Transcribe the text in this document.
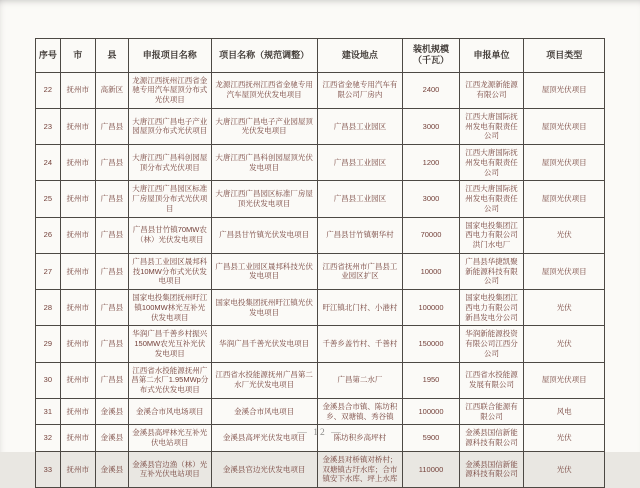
序号	市	县	申报项目名称	项目名称（规范调整）	建设地点	装机规模（千瓦）	申报单位	项目类型
22	抚州市	高新区	龙源江西抚州江西省金驰专用汽车屋顶分布式光伏项目	龙源江西抚州江西省金驰专用汽车屋顶光伏发电项目	江西省金驰专用汽车有限公司厂房内	2400	江西龙源新能源有限公司	屋顶光伏项目
23	抚州市	广昌县	大唐江西广昌电子产业园屋顶分布式光伏项目	大唐江西广昌电子产业园屋顶光伏发电项目	广昌县工业园区	3000	江西大唐国际抚州发电有限责任公司	屋顶光伏项目
24	抚州市	广昌县	大唐江西广昌科创园屋顶分布式光伏项目	大唐江西广昌科创园屋顶光伏发电项目	广昌县工业园区	1200	江西大唐国际抚州发电有限责任公司	屋顶光伏项目
25	抚州市	广昌县	大唐江西广昌园区标准厂房屋顶分布式光伏项目	大唐江西广昌园区标准厂房屋顶光伏发电项目	广昌县工业园区	3000	江西大唐国际抚州发电有限责任公司	屋顶光伏项目
26	抚州市	广昌县	广昌县甘竹镇70MW农（林）光伏发电项目	广昌县甘竹镇光伏发电项目	广昌县甘竹镇朝华村	70000	国家电投集团江西电力有限公司洪门水电厂	光伏
27	抚州市	广昌县	广昌县工业园区晟邦科技10MW分布式光伏发电项目	广昌县工业园区晟邦科技光伏发电项目	江西省抚州市广昌县工业园区扩区	10000	广昌县华捷凯聚新能源科技有限公司	屋顶光伏项目
28	抚州市	广昌县	国家电投集团抚州旴江镇100MW林光互补光伏发电项目	国家电投集团抚州旴江镇光伏发电项目	旴江镇北门村、小港村	100000	国家电投集团江西电力有限公司新昌发电分公司	光伏
29	抚州市	广昌县	华润广昌千善乡村振兴150MW农光互补光伏发电项目	华润广昌千善光伏发电项目	千善乡盖竹村、千善村	150000	华润新能源投资有限公司江西分公司	光伏
30	抚州市	广昌县	江西省水投能源抚州广昌第二水厂1.95MWp分布式光伏发电项目	江西省水投能源抚州广昌第二水厂光伏发电项目	广昌第二水厂	1950	江西省水投能源发展有限公司	屋顶光伏项目
31	抚州市	金溪县	金溪合市风电场项目	金溪合市风电项目	金溪县合市镇、陈坊积乡、双塘镇、秀谷镇	100000	江西联合能源有限公司	风电
32	抚州市	金溪县	金溪县高坪林光互补光伏电站项目	金溪县高坪光伏发电项目	陈坊积乡高坪村	5900	金溪县国信新能源科技有限公司	光伏
33	抚州市	金溪县	金溪县官边渔（林）光互补光伏电站项目	金溪县官边光伏发电项目	金溪县对桥镇对桥村；双塘镇古圩水库；合市镇安下水库、坪上水库	110000	金溪县国信新能源科技有限公司	光伏
— 12 —
